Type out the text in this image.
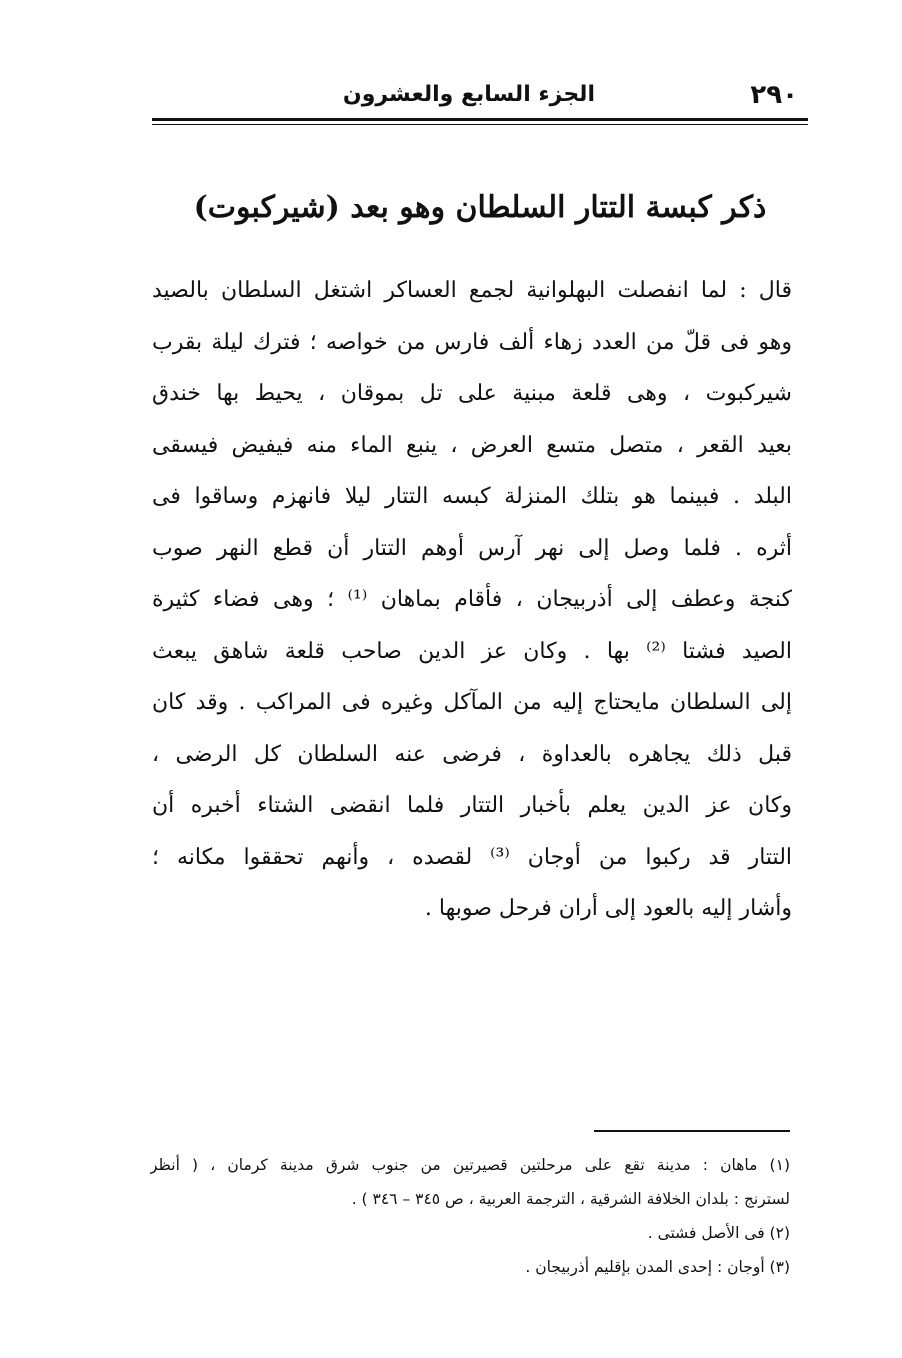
٢٩٠
الجزء السابع والعشرون
ذكر كبسة التتار السلطان وهو بعد (شيركبوت)
قال : لما انفصلت البهلوانية لجمع العساكر اشتغل السلطان بالصيد
وهو فى قلّ من العدد زهاء ألف فارس من خواصه ؛ فترك ليلة بقرب
شيركبوت ، وهى قلعة مبنية على تل بموقان ، يحيط بها خندق
بعيد القعر ، متصل متسع العرض ، ينبع الماء منه فيفيض فيسقى
البلد . فبينما هو بتلك المنزلة كبسه التتار ليلا فانهزم وساقوا فى
أثره . فلما وصل إلى نهر آرس أوهم التتار أن قطع النهر صوب
كنجة وعطف إلى أذربيجان ، فأقام بماهان ⁽¹⁾ ؛ وهى فضاء كثيرة
الصيد فشتا ⁽²⁾ بها . وكان عز الدين صاحب قلعة شاهق يبعث
إلى السلطان مايحتاج إليه من المآكل وغيره فى المراكب . وقد كان
قبل ذلك يجاهره بالعداوة ، فرضى عنه السلطان كل الرضى ،
وكان عز الدين يعلم بأخبار التتار فلما انقضى الشتاء أخبره أن
التتار قد ركبوا من أوجان ⁽³⁾ لقصده ، وأنهم تحققوا مكانه ؛
وأشار إليه بالعود إلى أران فرحل صوبها .
(١) ماهان : مدينة تقع على مرحلتين قصيرتين من جنوب شرق مدينة كرمان ، ( أنظر
لسترنج : بلدان الخلافة الشرقية ، الترجمة العربية ، ص ٣٤٥ – ٣٤٦ ) .
(٢) فى الأصل فشتى .
(٣) أوجان : إحدى المدن بإقليم أذربيجان .
